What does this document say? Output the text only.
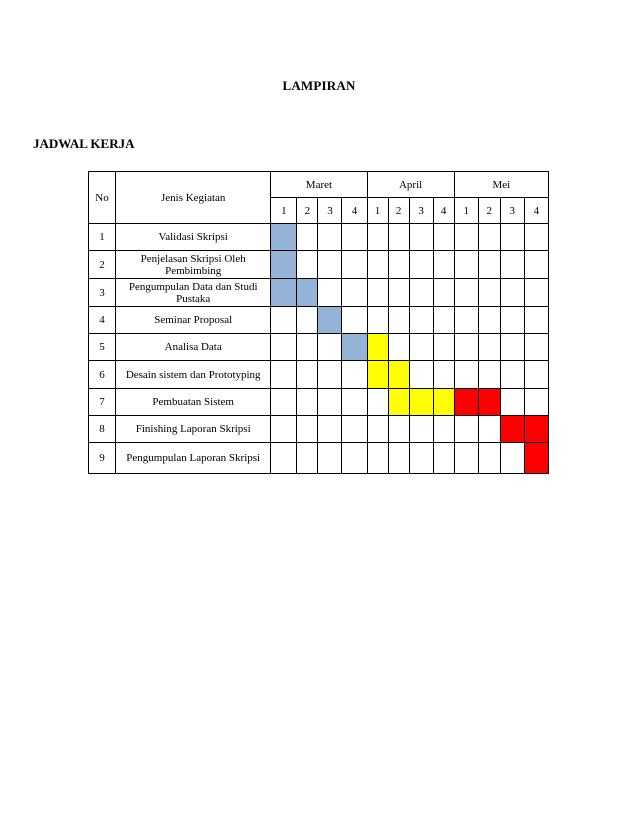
LAMPIRAN
JADWAL KERJA
No	Jenis Kegiatan	Maret				April				Mei			
		1	2	3	4	1	2	3	4	1	2	3	4
1	Validasi Skripsi												
2	Penjelasan Skripsi Oleh Pembimbing												
3	Pengumpulan Data dan Studi Pustaka												
4	Seminar Proposal												
5	Analisa Data												
6	Desain sistem dan Prototyping												
7	Pembuatan Sistem												
8	Finishing Laporan Skripsi												
9	Pengumpulan Laporan Skripsi												
